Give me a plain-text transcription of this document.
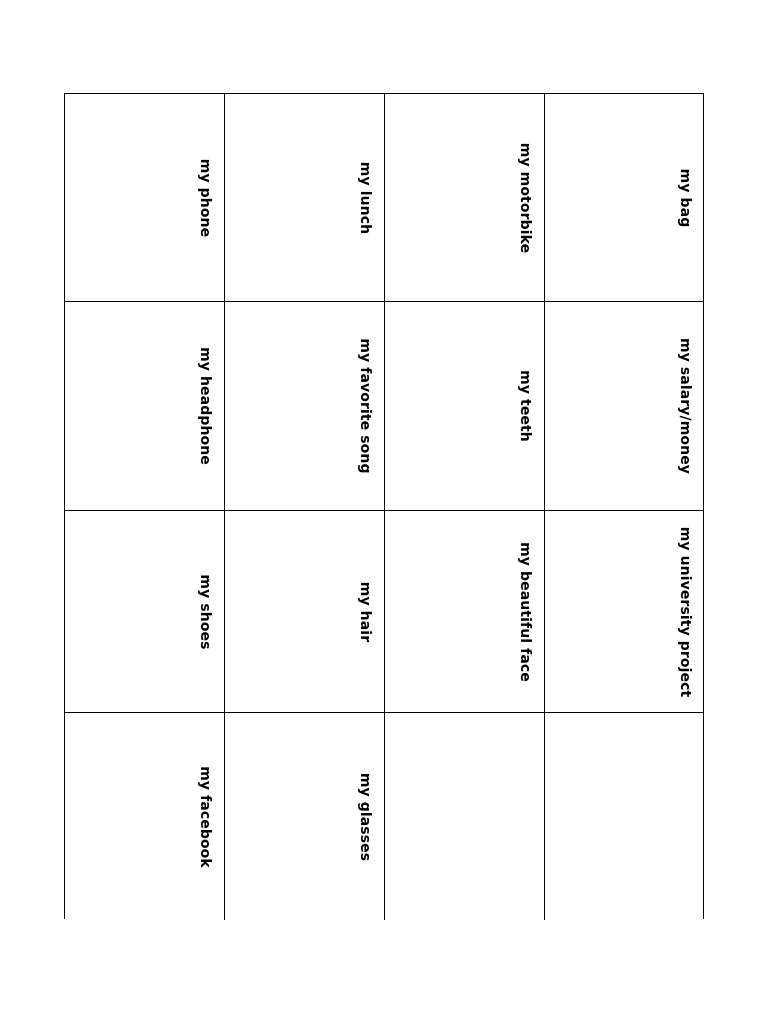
my phone
my headphone
my shoes
my facebook
my lunch
my favorite song
my hair
my glasses
my motorbike
my teeth
my beautiful face
my bag
my salary/money
my university project
